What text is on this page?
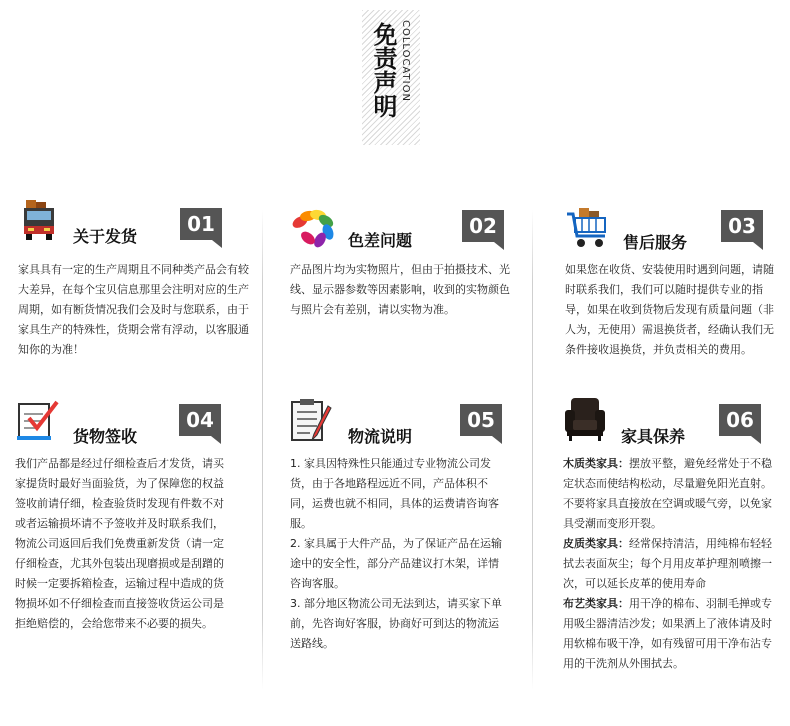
免责声明 COLLOCATION
关于发货
01
家具具有一定的生产周期且不同种类产品会有较大差异，在每个宝贝信息那里会注明对应的生产周期，如有断货情况我们会及时与您联系，由于家具生产的特殊性，货期会常有浮动，以客服通知你的为准！
色差问题
02
产品图片均为实物照片，但由于拍摄技术、光线、显示器参数等因素影响，收到的实物颜色与照片会有差别，请以实物为准。
售后服务
03
如果您在收货、安装使用时遇到问题，请随时联系我们，我们可以随时提供专业的指导，如果在收到货物后发现有质量问题（非人为，无使用）需退换货者，经确认我们无条件接收退换货，并负责相关的费用。
货物签收
04
我们产品都是经过仔细检查后才发货，请买家提货时最好当面验货，为了保障您的权益签收前请仔细，检查验货时发现有件数不对或者运输损坏请不予签收并及时联系我们，物流公司返回后我们免费重新发货（请一定仔细检查，尤其外包装出现磨损或是刮蹭的时候一定要拆箱检查，运输过程中造成的货物损坏如不仔细检查而直接签收货运公司是拒绝赔偿的，会给您带来不必要的损失。
物流说明
05

1. 家具因特殊性只能通过专业物流公司发货，由于各地路程远近不同，产品体积不同，运费也就不相同，具体的运费请咨询客服。

2. 家具属于大件产品，为了保证产品在运输途中的安全性，部分产品建议打木架，详情咨询客服。

3. 部分地区物流公司无法到达，请买家下单前，先咨询好客服，协商好可到达的物流运送路线。

家具保养
06

木质类家具：摆放平整，避免经常处于不稳定状态而使结构松动，尽量避免阳光直射。不要将家具直接放在空调或暖气旁，以免家具受潮而变形开裂。

皮质类家具：经常保持清洁，用纯棉布轻轻拭去表面灰尘；每个月用皮革护理剂喷擦一次，可以延长皮革的使用寿命

布艺类家具：用干净的棉布、羽制毛掸或专用吸尘器清洁沙发；如果洒上了液体请及时用软棉布吸干净，如有残留可用干净布沾专用的干洗剂从外围拭去。
